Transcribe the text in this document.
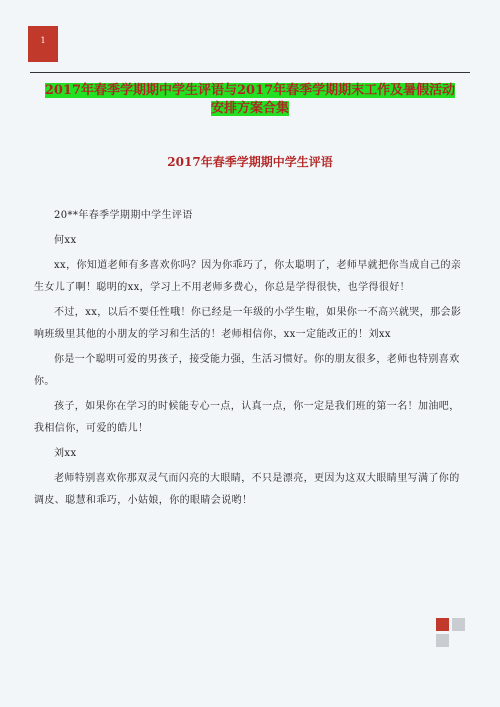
1
2017年春季学期期中学生评语与2017年春季学期期末工作及暑假活动
安排方案合集
2017年春季学期期中学生评语

20**年春季学期期中学生评语

何xx

xx，你知道老师有多喜欢你吗？因为你乖巧了，你太聪明了，老师早就把你当成自己的亲生女儿了啊！聪明的xx，学习上不用老师多费心，你总是学得很快，也学得很好！

不过，xx，以后不要任性哦！你已经是一年级的小学生啦，如果你一不高兴就哭，那会影响班级里其他的小朋友的学习和生活的！老师相信你，xx一定能改正的！刘xx

你是一个聪明可爱的男孩子，接受能力强，生活习惯好。你的朋友很多，老师也特别喜欢你。

孩子，如果你在学习的时候能专心一点，认真一点，你一定是我们班的第一名！加油吧，我相信你，可爱的皓儿！

刘xx

老师特别喜欢你那双灵气而闪亮的大眼睛，不只是漂亮，更因为这双大眼睛里写满了你的调皮、聪慧和乖巧，小姑娘，你的眼睛会说哟！
